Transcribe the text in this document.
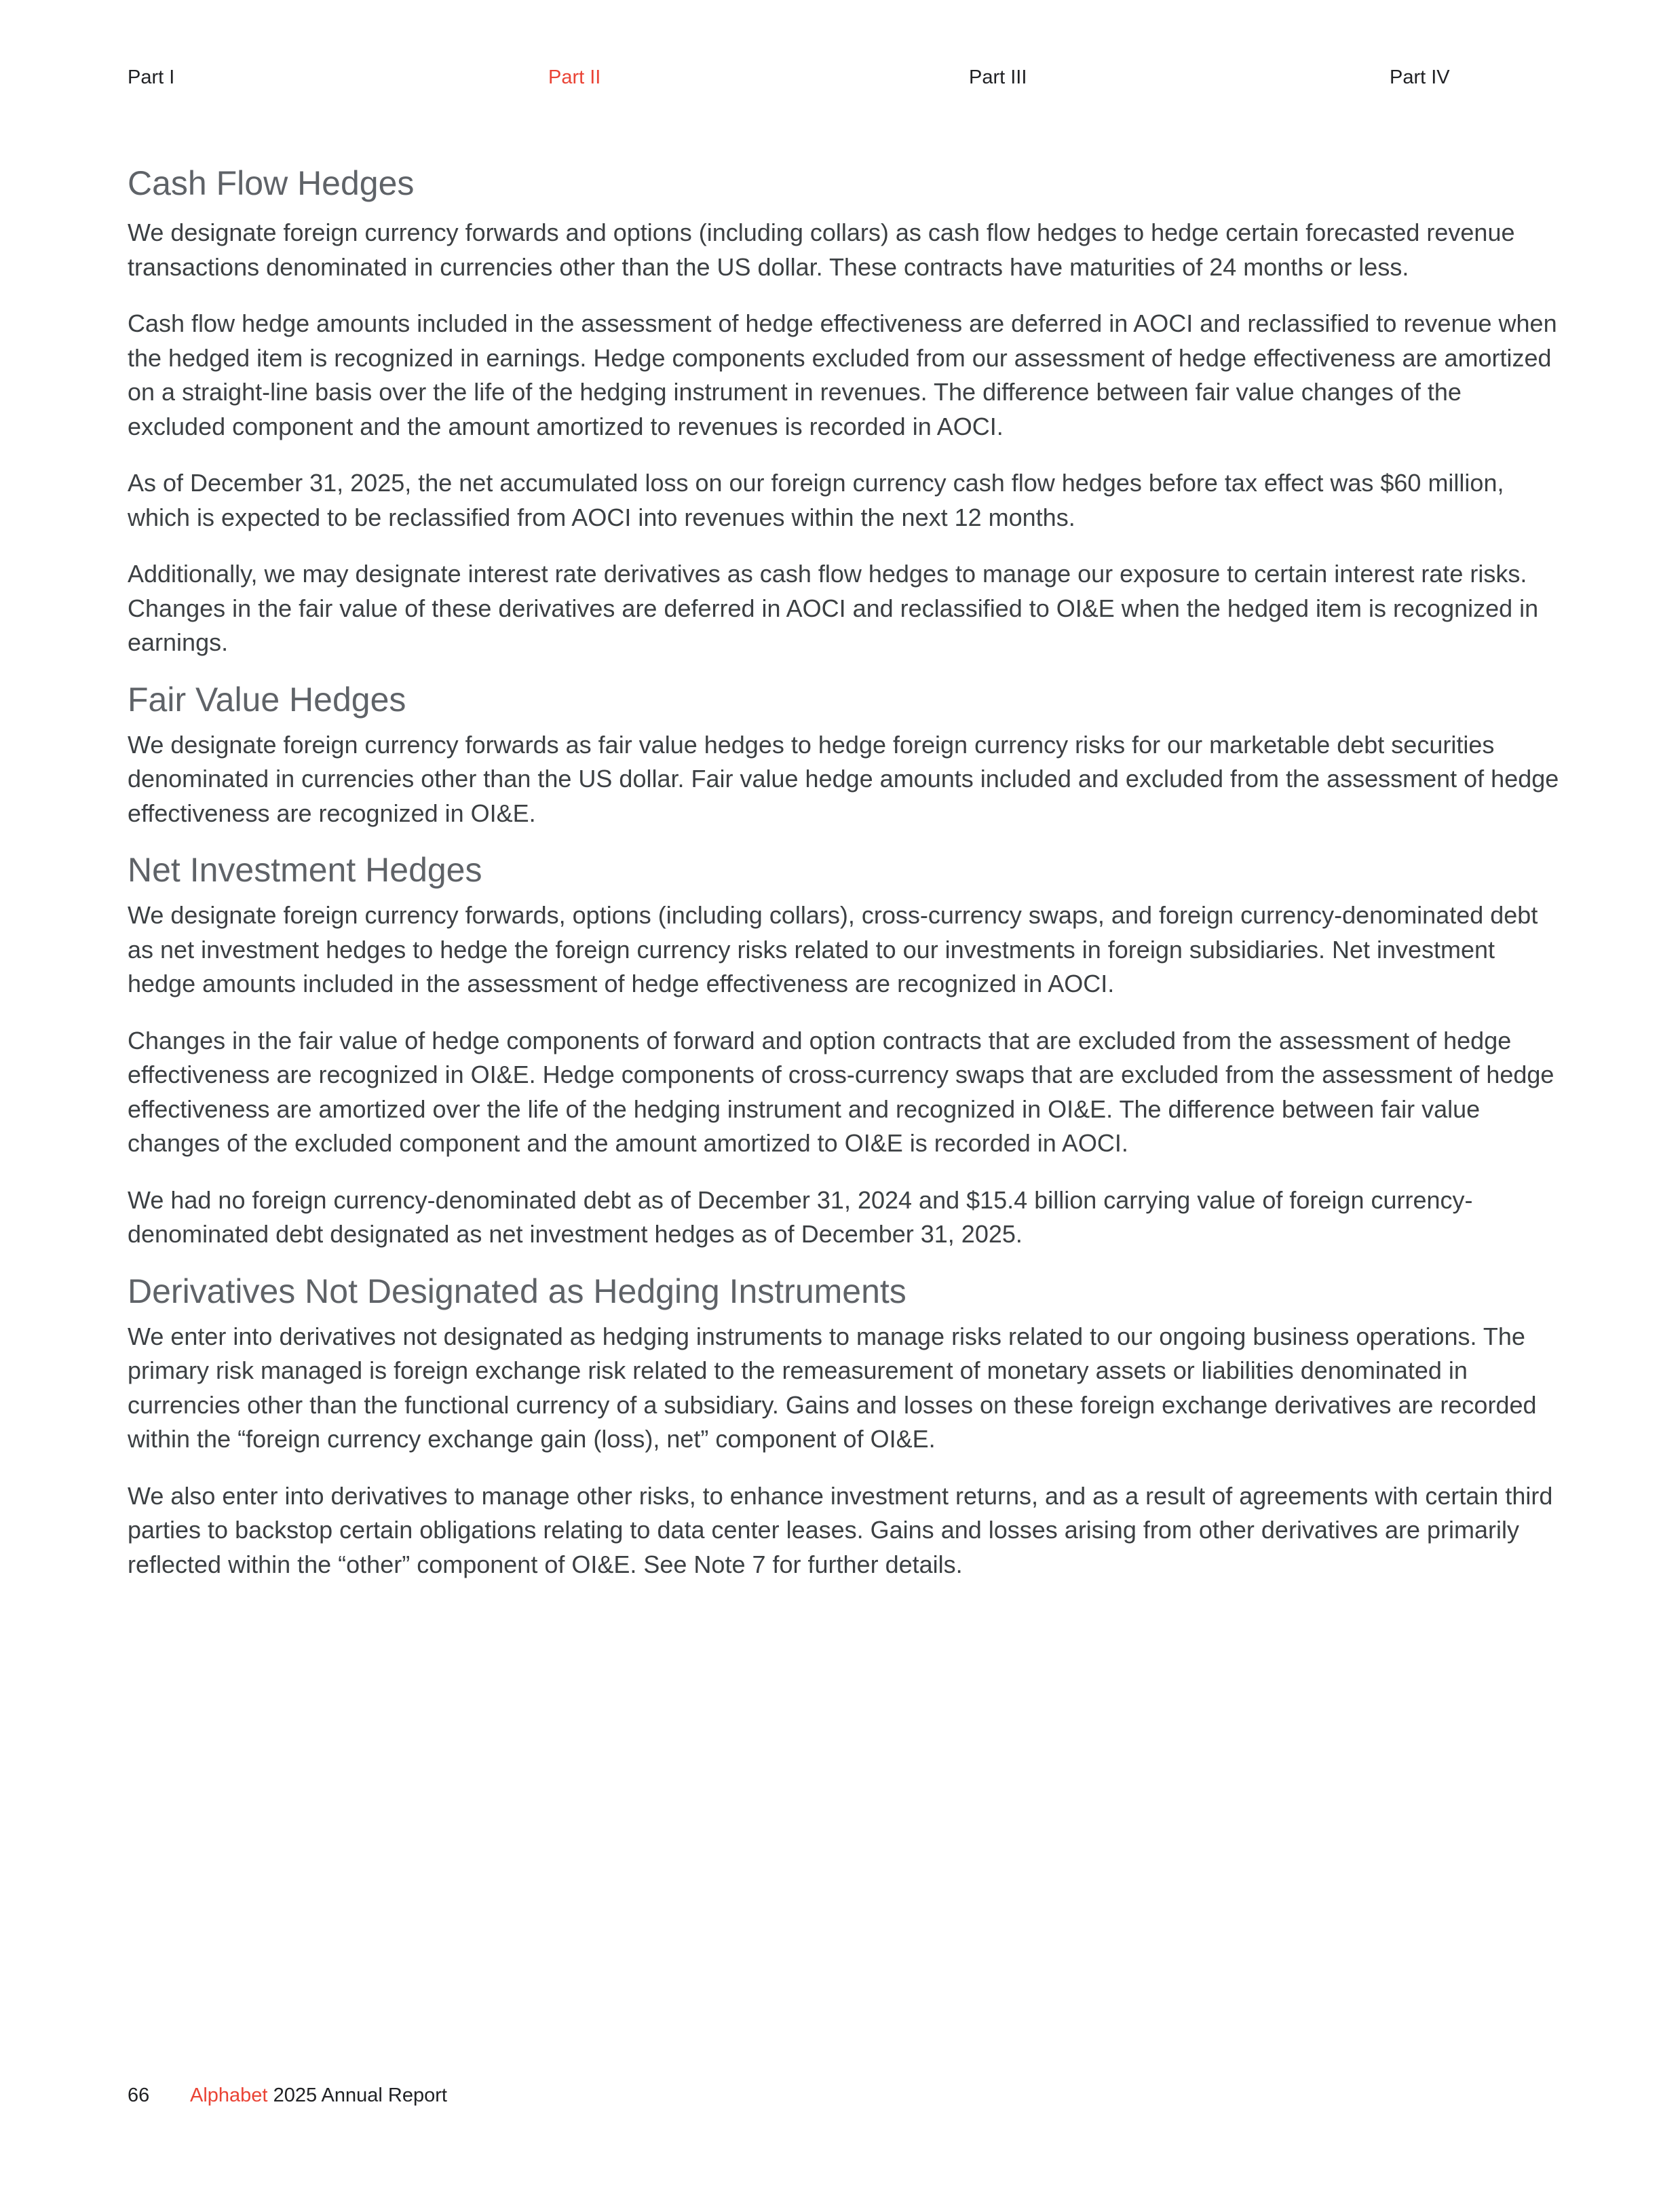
Part I	Part II	Part III	Part IV
Cash Flow Hedges

We designate foreign currency forwards and options (including collars) as cash flow hedges to hedge certain forecasted revenue transactions denominated in currencies other than the US dollar. These contracts have maturities of 24 months or less.

Cash flow hedge amounts included in the assessment of hedge effectiveness are deferred in AOCI and reclassified to revenue when the hedged item is recognized in earnings. Hedge components excluded from our assessment of hedge effectiveness are amortized on a straight-line basis over the life of the hedging instrument in revenues. The difference between fair value changes of the excluded component and the amount amortized to revenues is recorded in AOCI.

As of December 31, 2025, the net accumulated loss on our foreign currency cash flow hedges before tax effect was $60 million, which is expected to be reclassified from AOCI into revenues within the next 12 months.

Additionally, we may designate interest rate derivatives as cash flow hedges to manage our exposure to certain interest rate risks. Changes in the fair value of these derivatives are deferred in AOCI and reclassified to OI&E when the hedged item is recognized in earnings.

Fair Value Hedges

We designate foreign currency forwards as fair value hedges to hedge foreign currency risks for our marketable debt securities denominated in currencies other than the US dollar. Fair value hedge amounts included and excluded from the assessment of hedge effectiveness are recognized in OI&E.

Net Investment Hedges

We designate foreign currency forwards, options (including collars), cross-currency swaps, and foreign currency-denominated debt as net investment hedges to hedge the foreign currency risks related to our investments in foreign subsidiaries. Net investment hedge amounts included in the assessment of hedge effectiveness are recognized in AOCI.

Changes in the fair value of hedge components of forward and option contracts that are excluded from the assessment of hedge effectiveness are recognized in OI&E. Hedge components of cross-currency swaps that are excluded from the assessment of hedge effectiveness are amortized over the life of the hedging instrument and recognized in OI&E. The difference between fair value changes of the excluded component and the amount amortized to OI&E is recorded in AOCI.

We had no foreign currency-denominated debt as of December 31, 2024 and $15.4 billion carrying value of foreign currency-denominated debt designated as net investment hedges as of December 31, 2025.

Derivatives Not Designated as Hedging Instruments

We enter into derivatives not designated as hedging instruments to manage risks related to our ongoing business operations. The primary risk managed is foreign exchange risk related to the remeasurement of monetary assets or liabilities denominated in currencies other than the functional currency of a subsidiary. Gains and losses on these foreign exchange derivatives are recorded within the “foreign currency exchange gain (loss), net” component of OI&E.

We also enter into derivatives to manage other risks, to enhance investment returns, and as a result of agreements with certain third parties to backstop certain obligations relating to data center leases. Gains and losses arising from other derivatives are primarily reflected within the “other” component of OI&E. See Note 7 for further details.

66 Alphabet 2025 Annual Report
